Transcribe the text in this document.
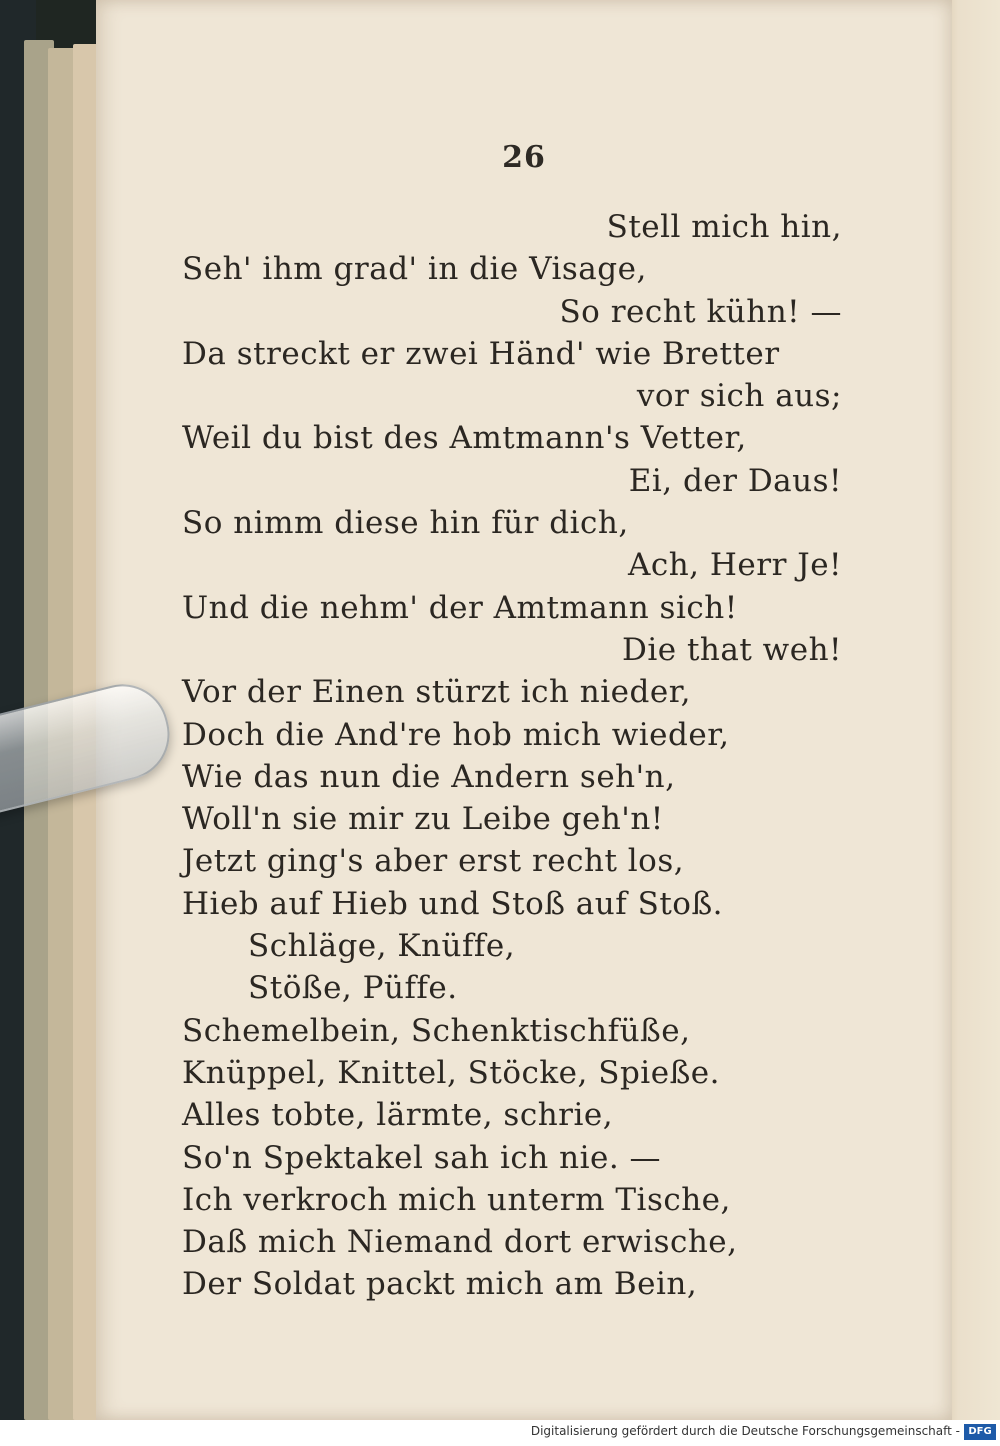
26
Stell mich hin,
Seh' ihm grad' in die Visage,
So recht kühn! —
Da streckt er zwei Händ' wie Bretter
vor sich aus;
Weil du bist des Amtmann's Vetter,
Ei, der Daus!
So nimm diese hin für dich,
Ach, Herr Je!
Und die nehm' der Amtmann sich!
Die that weh!
Vor der Einen stürzt ich nieder,
Doch die And're hob mich wieder,
Wie das nun die Andern seh'n,
Woll'n sie mir zu Leibe geh'n!
Jetzt ging's aber erst recht los,
Hieb auf Hieb und Stoß auf Stoß.
Schläge, Knüffe,
Stöße, Püffe.
Schemelbein, Schenktischfüße,
Knüppel, Knittel, Stöcke, Spieße.
Alles tobte, lärmte, schrie,
So'n Spektakel sah ich nie. —
Ich verkroch mich unterm Tische,
Daß mich Niemand dort erwische,
Der Soldat packt mich am Bein,
Digitalisierung gefördert durch die Deutsche Forschungsgemeinschaft - DFG
